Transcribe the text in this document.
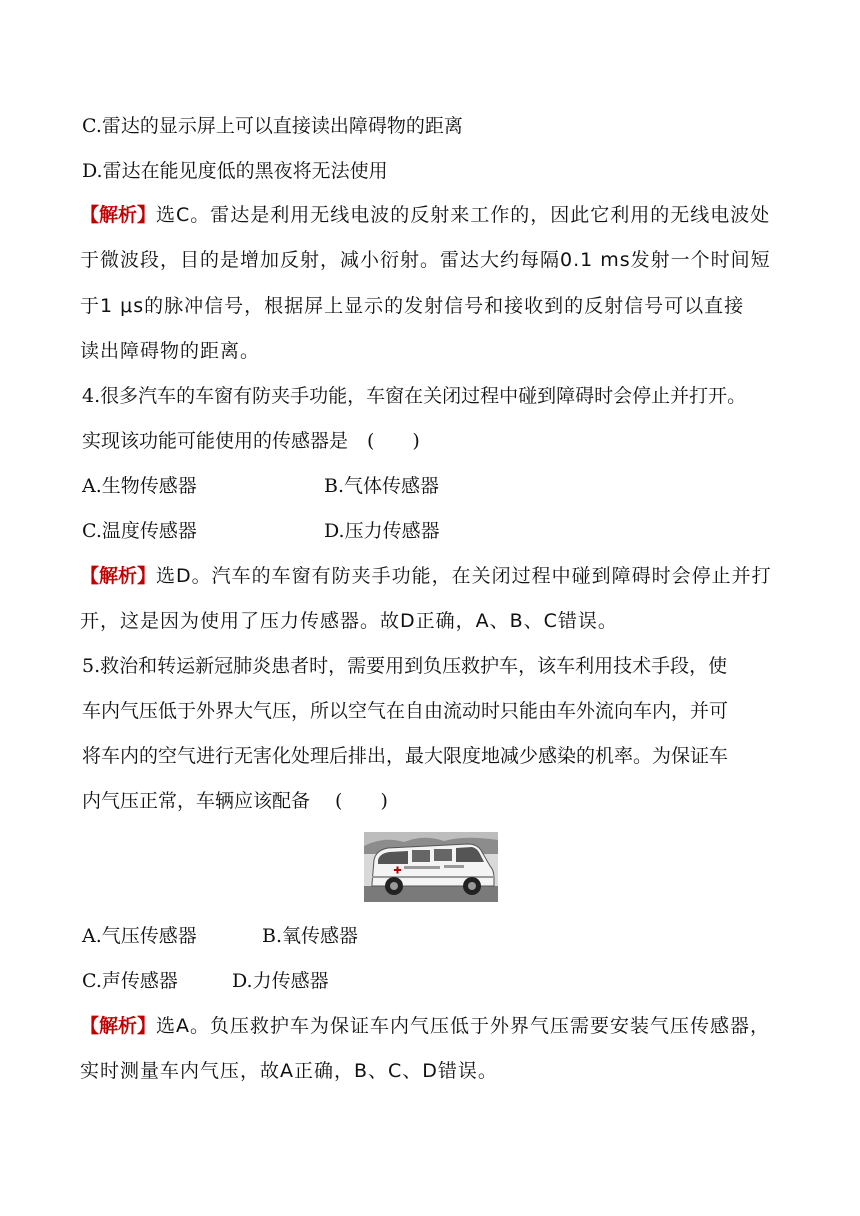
C.雷达的显示屏上可以直接读出障碍物的距离
D.雷达在能见度低的黑夜将无法使用
【解析】选C。雷达是利用无线电波的反射来工作的，因此它利用的无线电波处
于微波段，目的是增加反射，减小衍射。雷达大约每隔0.1 ms发射一个时间短
于1 μs的脉冲信号，根据屏上显示的发射信号和接收到的反射信号可以直接
读出障碍物的距离。
4.很多汽车的车窗有防夹手功能，车窗在关闭过程中碰到障碍时会停止并打开。
实现该功能可能使用的传感器是　(　　)
A.生物传感器	B.气体传感器
C.温度传感器	D.压力传感器
【解析】选D。汽车的车窗有防夹手功能，在关闭过程中碰到障碍时会停止并打
开，这是因为使用了压力传感器。故D正确，A、B、C错误。
5.救治和转运新冠肺炎患者时，需要用到负压救护车，该车利用技术手段，使
车内气压低于外界大气压，所以空气在自由流动时只能由车外流向车内，并可
将车内的空气进行无害化处理后排出，最大限度地减少感染的机率。为保证车
内气压正常，车辆应该配备　 (　　)
A.气压传感器	B.氧传感器
C.声传感器	D.力传感器
【解析】选A。负压救护车为保证车内气压低于外界气压需要安装气压传感器，
实时测量车内气压，故A正确，B、C、D错误。
